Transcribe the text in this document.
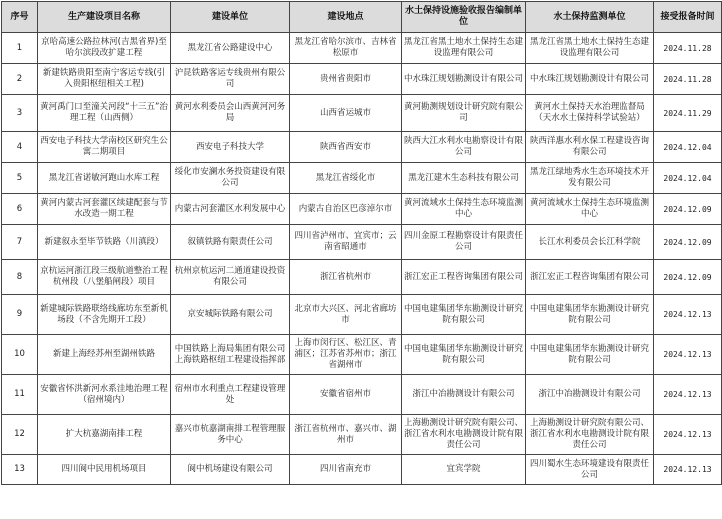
序号	生产建设项目名称	建设单位	建设地点	水土保持设施验收报告编制单位	水土保持监测单位	接受报备时间
1	京哈高速公路拉林河(吉黑省界)至哈尔滨段改扩建工程	黑龙江省公路建设中心	黑龙江省哈尔滨市、吉林省松原市	黑龙江省黑土地水土保持生态建设监理有限公司	黑龙江省黑土地水土保持生态建设监理有限公司	2024.11.28
2	新建铁路贵阳至南宁客运专线(引入贵阳枢纽相关工程)	沪昆铁路客运专线贵州有限公司	贵州省贵阳市	中水珠江规划勘测设计有限公司	中水珠江规划勘测设计有限公司	2024.11.28
3	黄河禹门口至潼关河段“十三五”治理工程（山西侧）	黄河水利委员会山西黄河河务局	山西省运城市	黄河勘测规划设计研究院有限公司	黄河水土保持天水治理监督局（天水水土保持科学试验站）	2024.11.29
4	西安电子科技大学南校区研究生公寓二期项目	西安电子科技大学	陕西省西安市	陕西大江水利水电勘察设计有限公司	陕西洋惠水利水保工程建设咨询有限公司	2024.12.04
5	黑龙江省诺敏河跑山水库工程	绥化市安澜水务投资建设有限公司	黑龙江省绥化市	黑龙江建木生态科技有限公司	黑龙江绿地秀水生态环境技术开发有限公司	2024.12.04
6	黄河内蒙古河套灌区续建配套与节水改造一期工程	内蒙古河套灌区水利发展中心	内蒙古自治区巴彦淖尔市	黄河流域水土保持生态环境监测中心	黄河流域水土保持生态环境监测中心	2024.12.09
7	新建叙永至毕节铁路（川滇段）	叙镇铁路有限责任公司	四川省泸州市、宜宾市；云南省昭通市	四川金原工程勘察设计有限责任公司	长江水利委员会长江科学院	2024.12.09
8	京杭运河浙江段三级航道整治工程杭州段（八堡船闸段）项目	杭州京杭运河二通道建设投资有限公司	浙江省杭州市	浙江宏正工程咨询集团有限公司	浙江宏正工程咨询集团有限公司	2024.12.09
9	新建城际铁路联络线廊坊东至新机场段（不含先期开工段）	京安城际铁路有限公司	北京市大兴区、河北省廊坊市	中国电建集团华东勘测设计研究院有限公司	中国电建集团华东勘测设计研究院有限公司	2024.12.13
10	新建上海经苏州至湖州铁路	中国铁路上海局集团有限公司上海铁路枢纽工程建设指挥部	上海市闵行区、松江区、青浦区；江苏省苏州市；浙江省湖州市	中国电建集团华东勘测设计研究院有限公司	中国电建集团华东勘测设计研究院有限公司	2024.12.13
11	安徽省怀洪新河水系洼地治理工程（宿州境内）	宿州市水利重点工程建设管理处	安徽省宿州市	浙江中冶勘测设计有限公司	浙江中冶勘测设计有限公司	2024.12.13
12	扩大杭嘉湖南排工程	嘉兴市杭嘉湖南排工程管理服务中心	浙江省杭州市、嘉兴市、湖州市	上海勘测设计研究院有限公司、浙江省水利水电勘测设计院有限责任公司	上海勘测设计研究院有限公司、浙江省水利水电勘测设计院有限责任公司	2024.12.13
13	四川阆中民用机场项目	阆中机场建设有限公司	四川省南充市	宜宾学院	四川蜀水生态环境建设有限责任公司	2024.12.13
